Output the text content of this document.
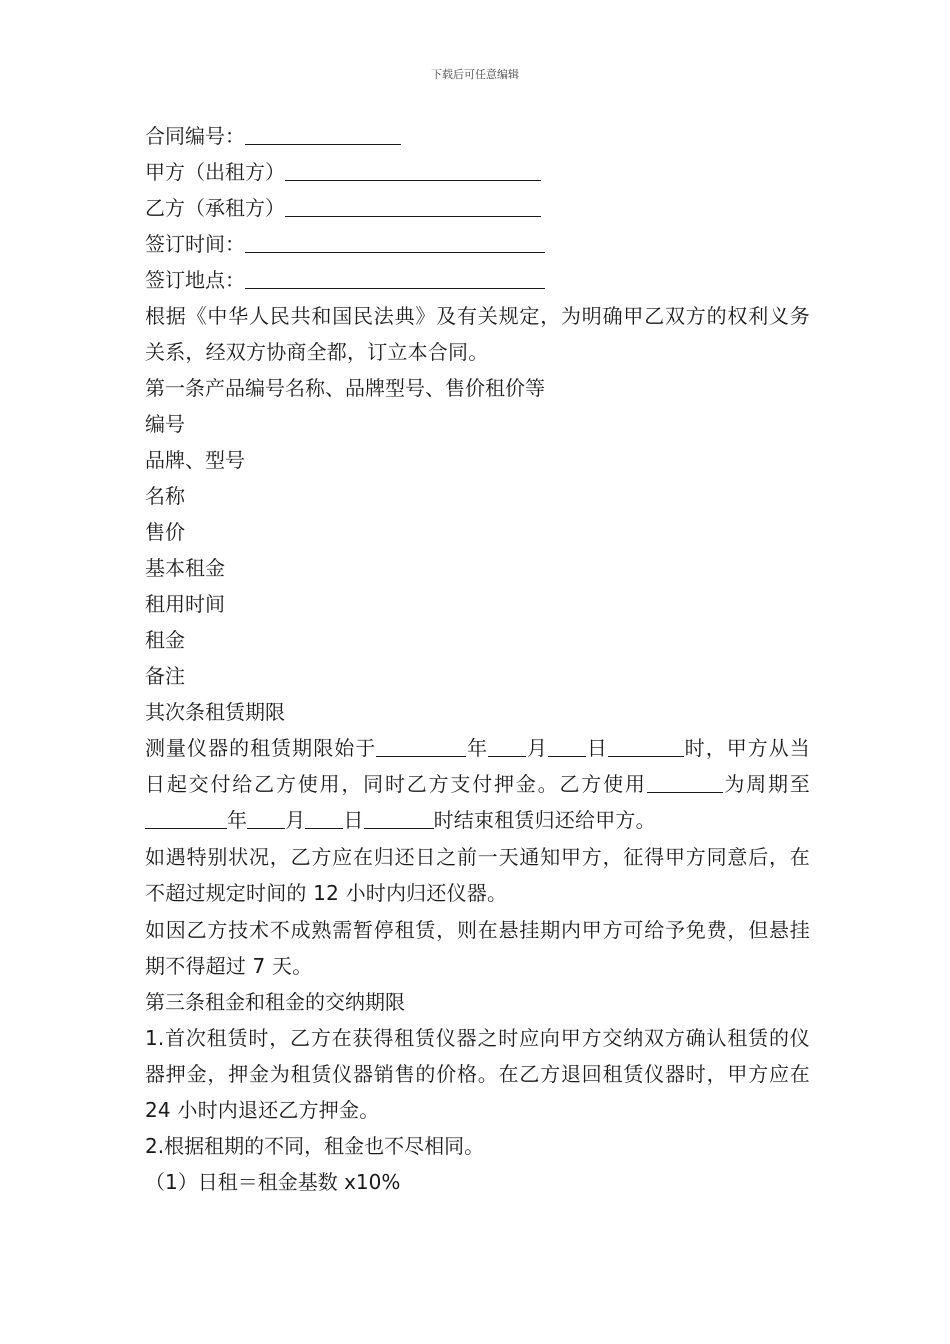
下载后可任意编辑
合同编号：
甲方（出租方）
乙方（承租方）
签订时间：
签订地点：
根据《中华人民共和国民法典》及有关规定，为明确甲乙双方的权利义务关系，经双方协商全都，订立本合同。
第一条产品编号名称、品牌型号、售价租价等
编号
品牌、型号
名称
售价
基本租金
租用时间
租金
备注
其次条租赁期限
测量仪器的租赁期限始于	年 月 日	时，甲方从当日起交付给乙方使用，同时乙方支付押金。乙方使用	为周期至年 月 日	时结束租赁归还给甲方。
如遇特别状况，乙方应在归还日之前一天通知甲方，征得甲方同意后，在不超过规定时间的 12 小时内归还仪器。
如因乙方技术不成熟需暂停租赁，则在悬挂期内甲方可给予免费，但悬挂期不得超过 7 天。
第三条租金和租金的交纳期限
1.首次租赁时，乙方在获得租赁仪器之时应向甲方交纳双方确认租赁的仪器押金，押金为租赁仪器销售的价格。在乙方退回租赁仪器时，甲方应在 24 小时内退还乙方押金。
2.根据租期的不同，租金也不尽相同。
（1）日租＝租金基数 x10%
